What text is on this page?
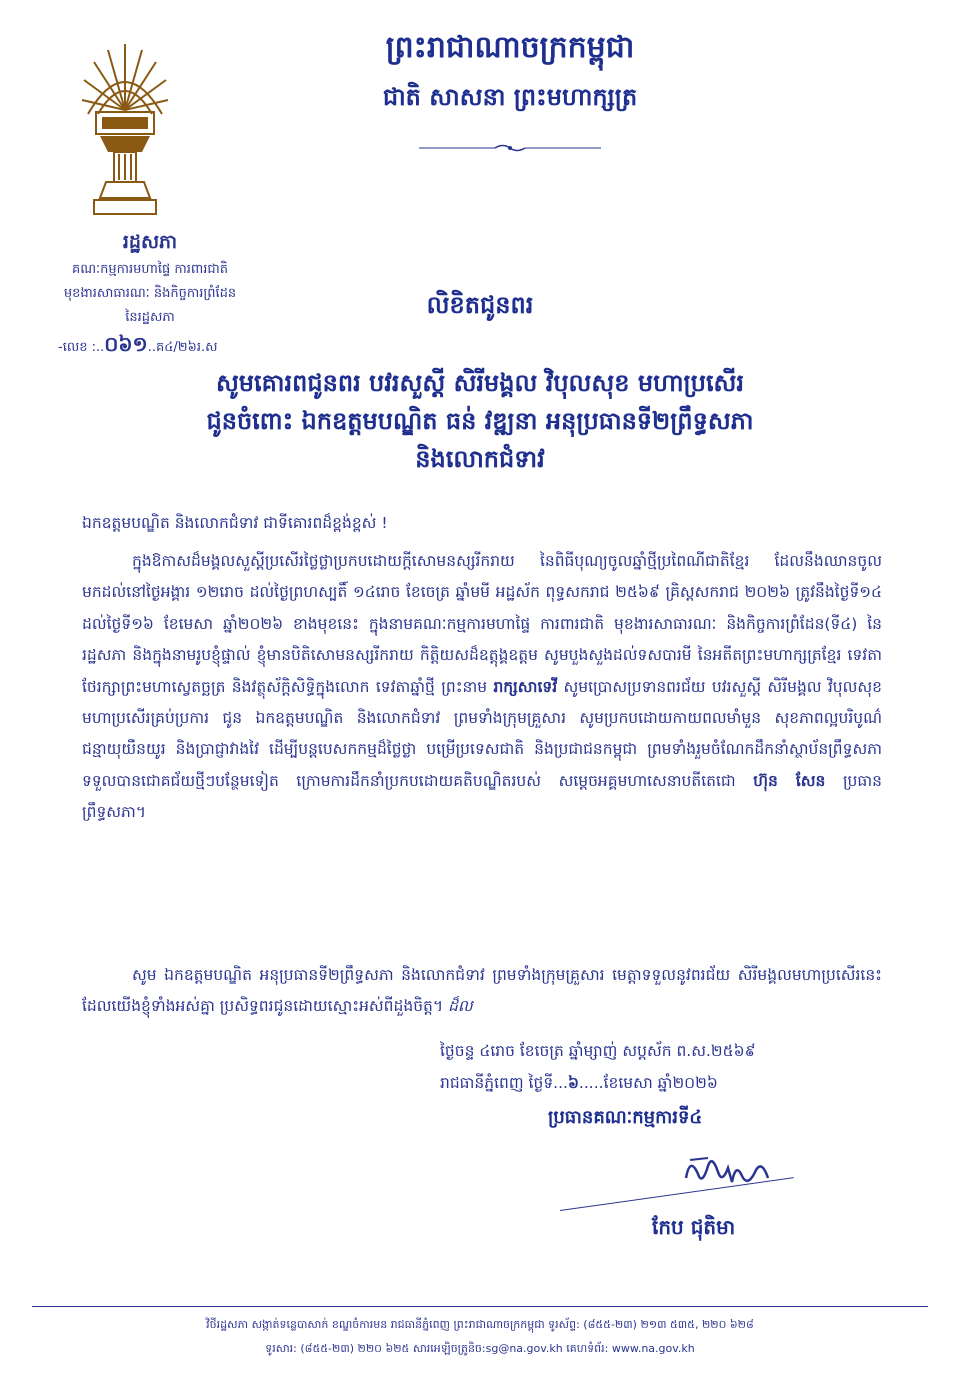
ព្រះរាជាណាចក្រកម្ពុជា
ជាតិ សាសនា ព្រះមហាក្សត្រ
រដ្ឋសភា
គណៈកម្មការមហាផ្ទៃ ការពារជាតិ
មុខងារសាធារណៈ និងកិច្ចការព្រំដែន
នៃរដ្ឋសភា
-លេខ :..០៦១..គ៤/២៦រ.ស
លិខិតជូនពរ
សូមគោរពជូនពរ បវរសួស្តី សិរីមង្គល វិបុលសុខ មហាប្រសើរ
ជូនចំពោះ ឯកឧត្តមបណ្ឌិត ធន់ វឌ្ឍនា អនុប្រធានទី២ព្រឹទ្ធសភា
និងលោកជំទាវ
ឯកឧត្តមបណ្ឌិត និងលោកជំទាវ ជាទីគោរពដ៏ខ្ពង់ខ្ពស់ !
ក្នុងឱកាសដ៏មង្គលសួស្តីប្រសើរថ្លៃថ្លាប្រកបដោយក្តីសោមនស្សរីករាយ នៃពិធីបុណ្យចូលឆ្នាំថ្មីប្រពៃណីជាតិខ្មែរ ដែលនឹងឈានចូលមកដល់នៅថ្ងៃអង្គារ ១២រោច ដល់ថ្ងៃព្រហស្បតិ៍ ១៤រោច ខែចេត្រ ឆ្នាំមមី អដ្ឋស័ក ពុទ្ធសករាជ ២៥៦៩ គ្រិស្តសករាជ ២០២៦ ត្រូវនឹងថ្ងៃទី១៤ ដល់ថ្ងៃទី១៦ ខែមេសា ឆ្នាំ២០២៦ ខាងមុខនេះ ក្នុងនាមគណៈកម្មការមហាផ្ទៃ ការពារជាតិ មុខងារសាធារណៈ និងកិច្ចការព្រំដែន(ទី៤) នៃរដ្ឋសភា និងក្នុងនាមរូបខ្ញុំផ្ទាល់ ខ្ញុំមានបិតិសោមនស្សរីករាយ កិត្តិយសដ៏ឧត្តុង្គឧត្តម សូមបួងសួងដល់ទសបារមី នៃអតីតព្រះមហាក្សត្រខ្មែរ ទេវតាថែរក្សាព្រះមហាស្វេតច្ឆត្រ និងវត្ថុស័ក្តិសិទ្ធិក្នុងលោក ទេវតាឆ្នាំថ្មី ព្រះនាម រាក្សសាទេវី សូមប្រោសប្រទានពរជ័យ បវរសួស្តី សិរីមង្គល វិបុលសុខ មហាប្រសើរគ្រប់ប្រការ ជូន ឯកឧត្តមបណ្ឌិត និងលោកជំទាវ ព្រមទាំងក្រុមគ្រួសារ សូមប្រកបដោយកាយពលមាំមួន សុខភាពល្អបរិបូណ៌ ជន្មាយុយឺនយូរ និងប្រាជ្ញាវាងវៃ ដើម្បីបន្តបេសកកម្មដ៏ថ្លៃថ្លា បម្រើប្រទេសជាតិ និងប្រជាជនកម្ពុជា ព្រមទាំងរួមចំណែកដឹកនាំស្ថាប័នព្រឹទ្ធសភាទទួលបានជោគជ័យថ្មីៗបន្ថែមទៀត ក្រោមការដឹកនាំប្រកបដោយគតិបណ្ឌិតរបស់ សម្តេចអគ្គមហាសេនាបតីតេជោ ហ៊ុន សែន ប្រធានព្រឹទ្ធសភា។
សូម ឯកឧត្តមបណ្ឌិត អនុប្រធានទី២ព្រឹទ្ធសភា និងលោកជំទាវ ព្រមទាំងក្រុមគ្រួសារ មេត្តាទទួលនូវពរជ័យ សិរីមង្គលមហាប្រសើរនេះ ដែលយើងខ្ញុំទាំងអស់គ្នា ប្រសិទ្ធពរជូនដោយស្មោះអស់ពីដួងចិត្ត។ ដ៏ល
ថ្ងៃចន្ទ ៤រោច ខែចេត្រ ឆ្នាំម្សាញ់ សប្តស័ក ព.ស.២៥៦៩
រាជធានីភ្នំពេញ ថ្ងៃទី...៦.....ខែមេសា ឆ្នាំ២០២៦
ប្រធានគណៈកម្មការទី៤
កែប ជុតិមា
វិថីរដ្ឋសភា សង្កាត់ទន្លេបាសាក់ ខណ្ឌចំការមន រាជធានីភ្នំពេញ ព្រះរាជាណាចក្រកម្ពុជា ទូរស័ព្ទ: (៨៥៥-២៣) ២១៣ ៥៣៥, ២២០ ៦២៨
ទូរសារ: (៨៥៥-២៣) ២២០ ៦២៥ សារអេឡិចត្រូនិច:sg@na.gov.kh គេហទំព័រ: www.na.gov.kh
